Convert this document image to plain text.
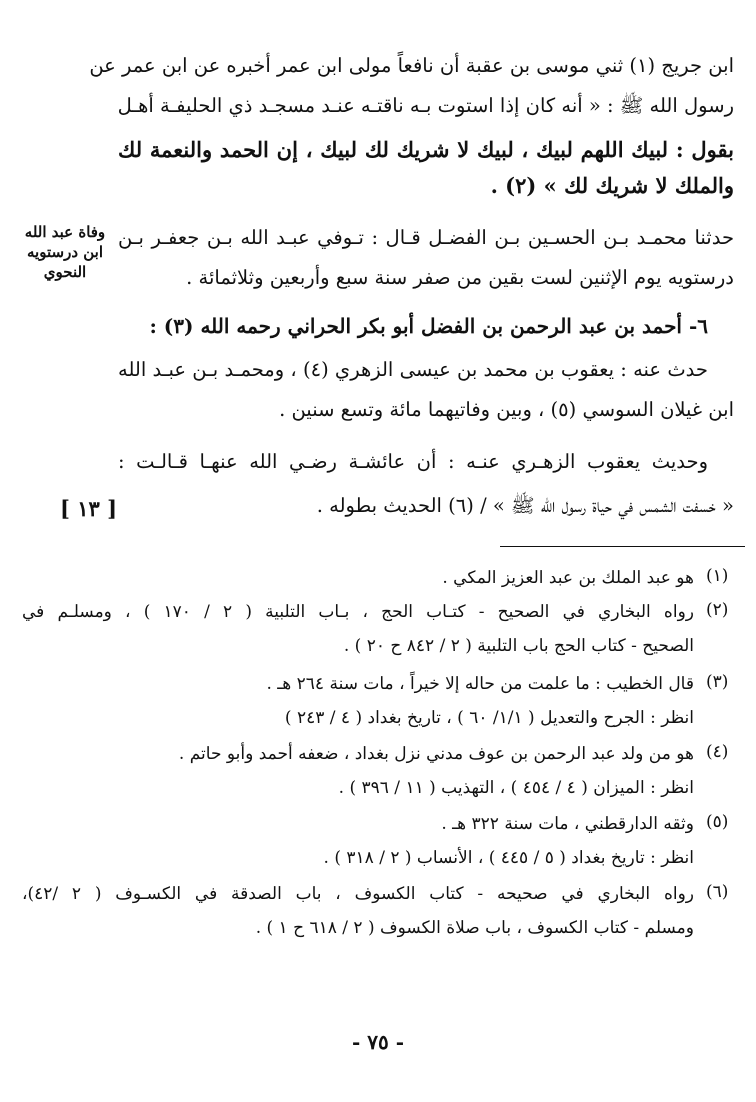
ابن جريج (١) ثني موسى بن عقبة أن نافعاً مولى ابن عمر أخبره عن ابن عمر عن
رسول الله ﷺ : « أنه كان إذا استوت بـه ناقتـه عنـد مسجـد ذي الحليفـة أهـل
بقول : لبيك اللهم لبيك ، لبيك لا شريك لك لبيك ، إن الحمد والنعمة لك
والملك لا شريك لك » (٢) .
حدثنا محمـد بـن الحسـين بـن الفضـل قـال : تـوفي عبـد الله بـن جعفـر بـن
درستويه يوم الإثنين لست بقين من صفر سنة سبع وأربعين وثلاثمائة .
٦- أحمد بن عبد الرحمن بن الفضل أبو بكر الحراني رحمه الله (٣) :
حدث عنه : يعقوب بن محمد بن عيسى الزهري (٤) ، ومحمـد بـن عبـد الله
ابن غيلان السوسي (٥) ، وبين وفاتيهما مائة وتسع سنين .
وحديث يعقوب الزهـري عنـه : أن عائشـة رضـي الله عنهـا قـالـت :
« خسفت الشمس في حياة رسول الله ﷺ » / (٦) الحديث بطوله .
وفاة عبد الله
ابن درستويه
النحوي
[ ١٣ ]
(١)
هو عبد الملك بن عبد العزيز المكي .
(٢)
رواه البخاري في الصحيح - كتـاب الحج ، بـاب التلبية ( ٢ / ١٧٠ ) ، ومسلـم في
الصحيح - كتاب الحج باب التلبية ( ٢ / ٨٤٢ ح ٢٠ ) .
(٣)
قال الخطيب : ما علمت من حاله إلا خيراً ، مات سنة ٢٦٤ هـ .
انظر : الجرح والتعديل ( ١/١/ ٦٠ ) ، تاريخ بغداد ( ٤ / ٢٤٣ )
(٤)
هو من ولد عبد الرحمن بن عوف مدني نزل بغداد ، ضعفه أحمد وأبو حاتم .
انظر : الميزان ( ٤ / ٤٥٤ ) ، التهذيب ( ١١ / ٣٩٦ ) .
(٥)
وثقه الدارقطني ، مات سنة ٣٢٢ هـ .
انظر : تاريخ بغداد ( ٥ / ٤٤٥ ) ، الأنساب ( ٢ / ٣١٨ ) .
(٦)
رواه البخاري في صحيحه - كتاب الكسوف ، باب الصدقة في الكسـوف ( ٢ /٤٢)،
ومسلم - كتاب الكسوف ، باب صلاة الكسوف ( ٢ / ٦١٨ ح ١ ) .
- ٧٥ -
